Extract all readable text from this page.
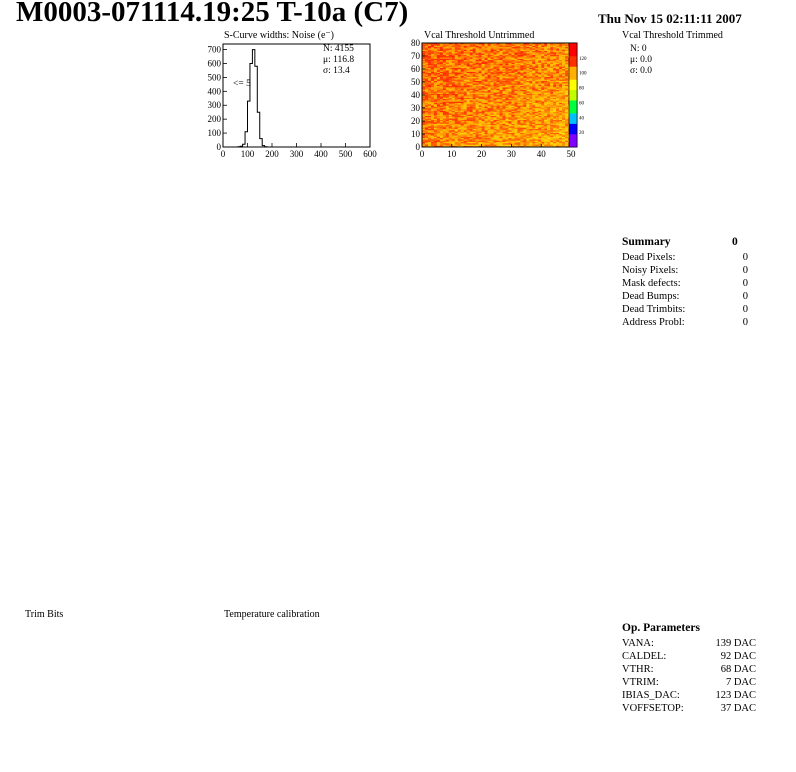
M0003-071114.19:25 T-10a (C7)	Thu Nov 15 02:11:11 2007
S-Curve widths: Noise (e⁻)
0 100 200 300 400 500 600
0
100
200
300
400
500
600
700	N: 4155
μ: 116.8
σ: 13.4
<= 5
Vcal Threshold Untrimmed
0	10 20 30 40 50
0
10
20
30
40
50
60
70
80
20
40
60
80
100
120
Vcal Threshold Trimmed
N: 0
μ: 0.0
σ: 0.0
Summary	0
Dead Pixels:	0
Noisy Pixels:	0
Mask defects:	0
Dead Bumps:	0
Dead Trimbits:	0
Address Probl:	0
Trim Bits	Temperature calibration
Op. Parameters
VANA:	139 DAC
CALDEL:	92 DAC
VTHR:	68 DAC
VTRIM:	7 DAC
IBIAS_DAC:	123 DAC
VOFFSETOP:	37 DAC
